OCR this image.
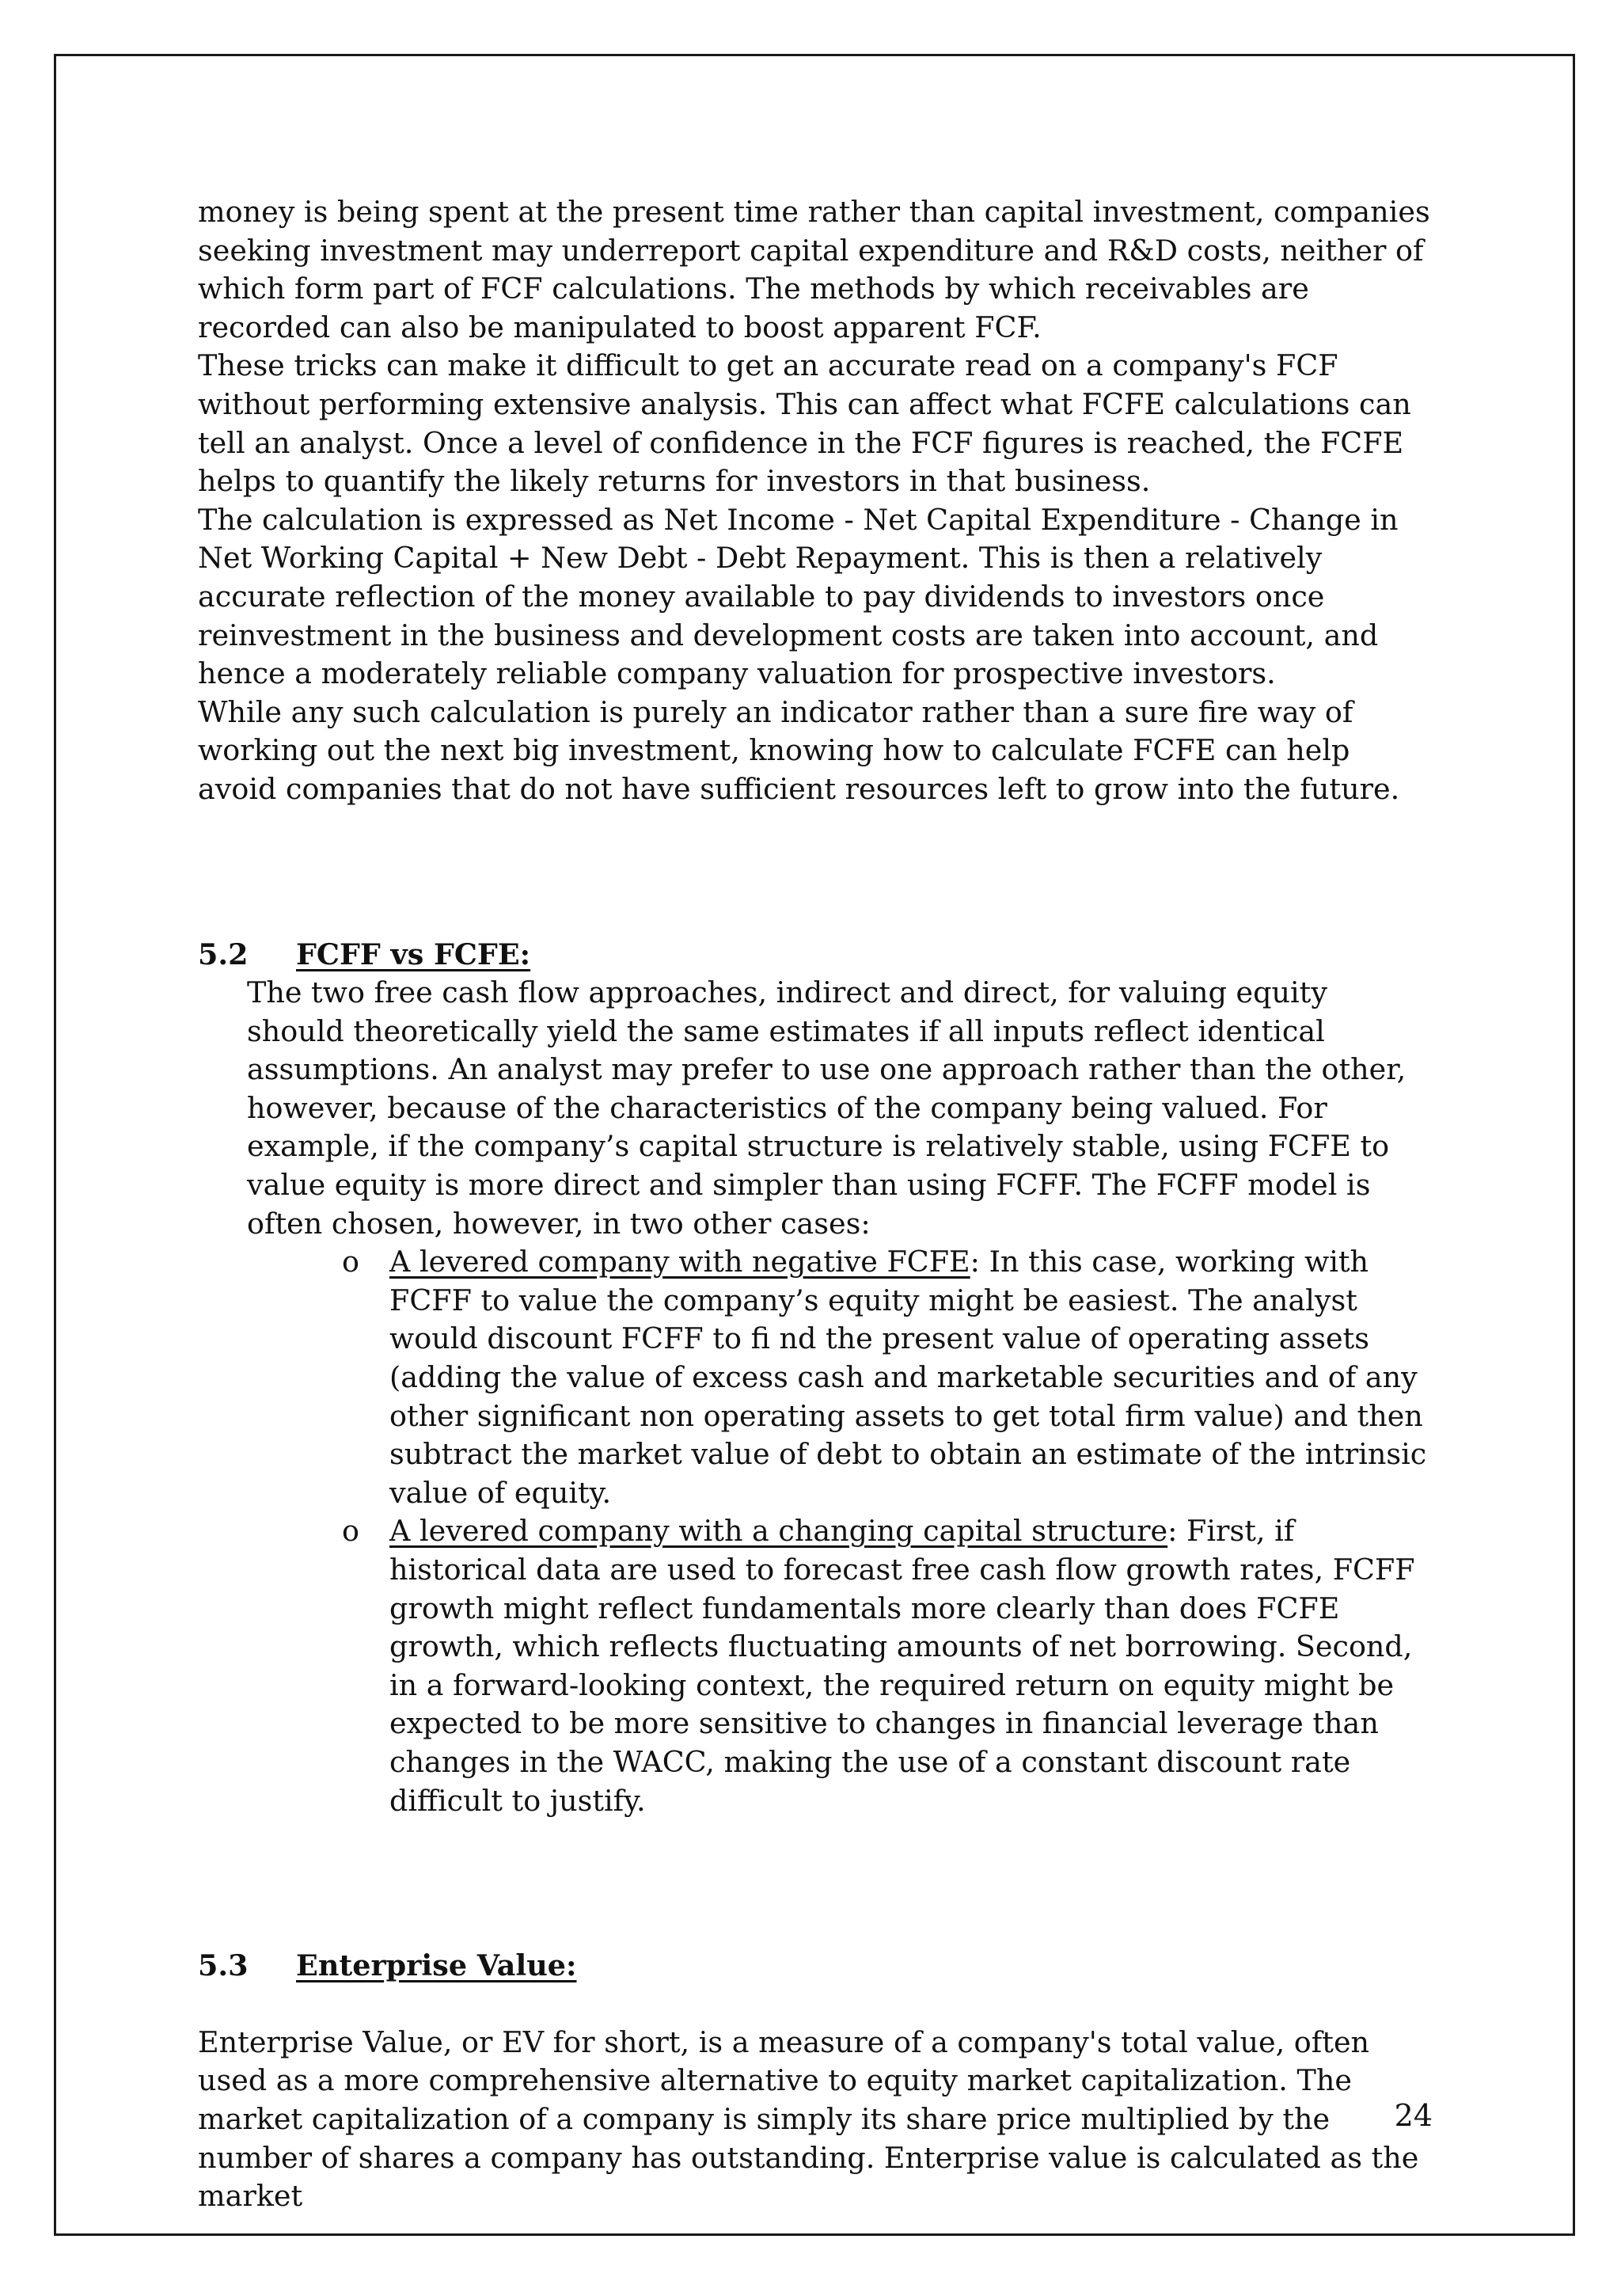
money is being spent at the present time rather than capital investment, companies seeking investment may underreport capital expenditure and R&D costs, neither of which form part of FCF calculations. The methods by which receivables are recorded can also be manipulated to boost apparent FCF.

These tricks can make it difficult to get an accurate read on a company's FCF without performing extensive analysis. This can affect what FCFE calculations can tell an analyst. Once a level of confidence in the FCF figures is reached, the FCFE helps to quantify the likely returns for investors in that business.

The calculation is expressed as Net Income - Net Capital Expenditure - Change in Net Working Capital + New Debt - Debt Repayment. This is then a relatively accurate reflection of the money available to pay dividends to investors once reinvestment in the business and development costs are taken into account, and hence a moderately reliable company valuation for prospective investors.

While any such calculation is purely an indicator rather than a sure fire way of working out the next big investment, knowing how to calculate FCFE can help avoid companies that do not have sufficient resources left to grow into the future.

5.2	FCFF vs FCFE:

The two free cash flow approaches, indirect and direct, for valuing equity should theoretically yield the same estimates if all inputs reflect identical assumptions. An analyst may prefer to use one approach rather than the other, however, because of the characteristics of the company being valued. For example, if the company’s capital structure is relatively stable, using FCFE to value equity is more direct and simpler than using FCFF. The FCFF model is often chosen, however, in two other cases:

o	A levered company with negative FCFE: In this case, working with FCFF to value the company’s equity might be easiest. The analyst would discount FCFF to fi nd the present value of operating assets (adding the value of excess cash and marketable securities and of any other significant non operating assets to get total firm value) and then subtract the market value of debt to obtain an estimate of the intrinsic value of equity.
o	A levered company with a changing capital structure: First, if historical data are used to forecast free cash flow growth rates, FCFF growth might reflect fundamentals more clearly than does FCFE growth, which reflects fluctuating amounts of net borrowing. Second, in a forward-looking context, the required return on equity might be expected to be more sensitive to changes in financial leverage than changes in the WACC, making the use of a constant discount rate difficult to justify.
5.3	Enterprise Value:

Enterprise Value, or EV for short, is a measure of a company's total value, often used as a more comprehensive alternative to equity market capitalization. The market capitalization of a company is simply its share price multiplied by the number of shares a company has outstanding. Enterprise value is calculated as the market

24
